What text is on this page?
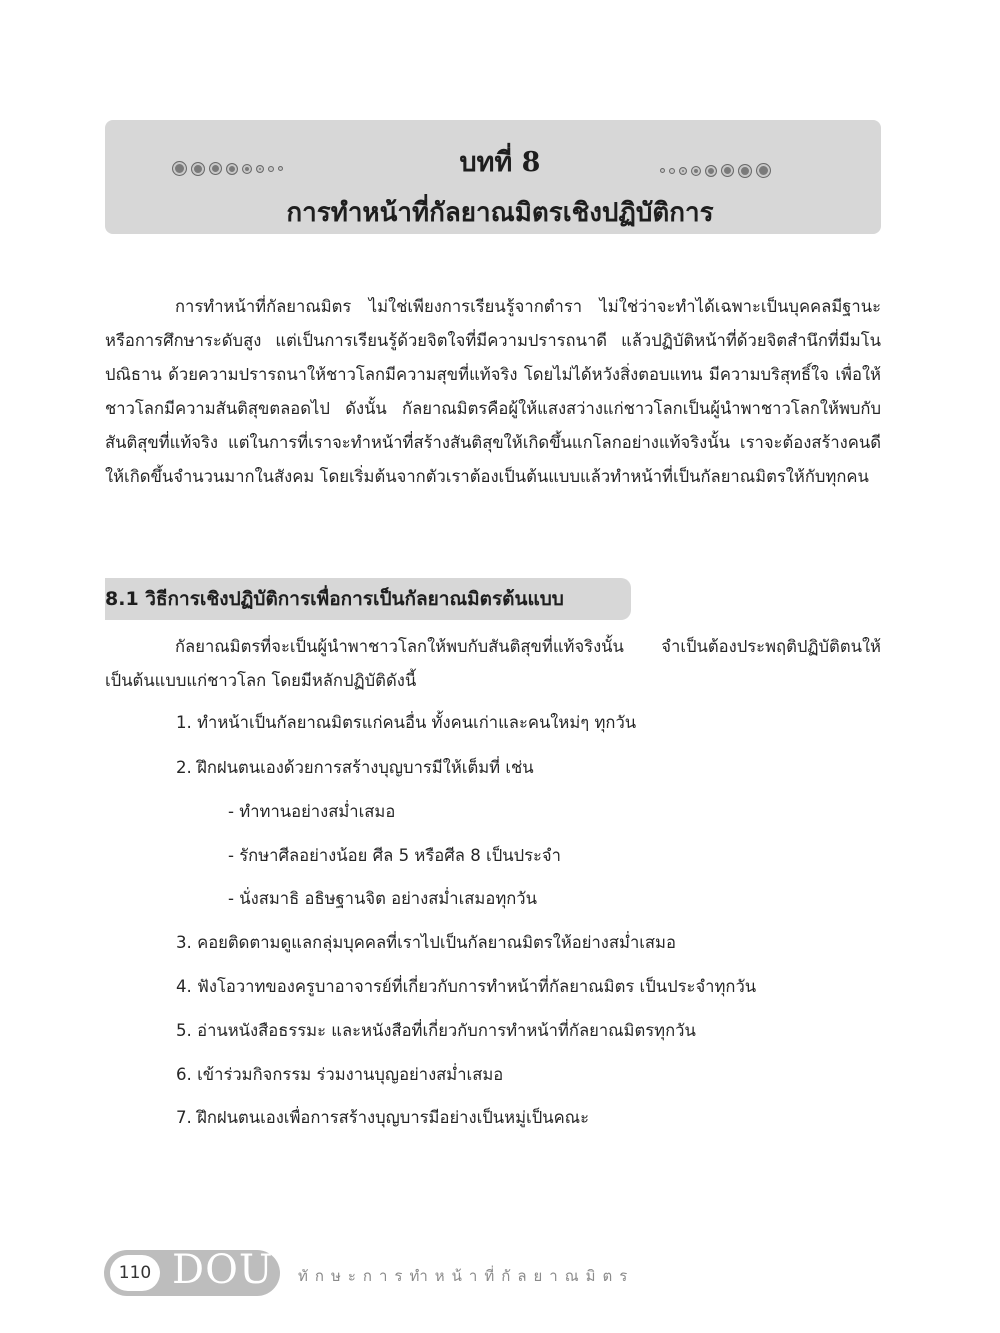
บทที่ 8
การทำหน้าที่กัลยาณมิตรเชิงปฏิบัติการ
การทำหน้าที่กัลยาณมิตร ไม่ใช่เพียงการเรียนรู้จากตำรา ไม่ใช่ว่าจะทำได้เฉพาะเป็นบุคคลมีฐานะหรือการศึกษาระดับสูง แต่เป็นการเรียนรู้ด้วยจิตใจที่มีความปรารถนาดี แล้วปฏิบัติหน้าที่ด้วยจิตสำนึกที่มีมโนปณิธาน ด้วยความปรารถนาให้ชาวโลกมีความสุขที่แท้จริง โดยไม่ได้หวังสิ่งตอบแทน มีความบริสุทธิ์ใจ เพื่อให้ชาวโลกมีความสันติสุขตลอดไป ดังนั้น กัลยาณมิตรคือผู้ให้แสงสว่างแก่ชาวโลกเป็นผู้นำพาชาวโลกให้พบกับสันติสุขที่แท้จริง แต่ในการที่เราจะทำหน้าที่สร้างสันติสุขให้เกิดขึ้นแกโลกอย่างแท้จริงนั้น เราจะต้องสร้างคนดีให้เกิดขึ้นจำนวนมากในสังคม โดยเริ่มต้นจากตัวเราต้องเป็นต้นแบบแล้วทำหน้าที่เป็นกัลยาณมิตรให้กับทุกคน
8.1 วิธีการเชิงปฏิบัติการเพื่อการเป็นกัลยาณมิตรต้นแบบ
กัลยาณมิตรที่จะเป็นผู้นำพาชาวโลกให้พบกับสันติสุขที่แท้จริงนั้น จำเป็นต้องประพฤติปฏิบัติตนให้เป็นต้นแบบแก่ชาวโลก โดยมีหลักปฏิบัติดังนี้
1. ทำหน้าเป็นกัลยาณมิตรแก่คนอื่น ทั้งคนเก่าและคนใหม่ๆ ทุกวัน
2. ฝึกฝนตนเองด้วยการสร้างบุญบารมีให้เต็มที่ เช่น
- ทำทานอย่างสม่ำเสมอ
- รักษาศีลอย่างน้อย ศีล 5 หรือศีล 8 เป็นประจำ
- นั่งสมาธิ อธิษฐานจิต อย่างสม่ำเสมอทุกวัน
3. คอยติดตามดูแลกลุ่มบุคคลที่เราไปเป็นกัลยาณมิตรให้อย่างสม่ำเสมอ
4. ฟังโอวาทของครูบาอาจารย์ที่เกี่ยวกับการทำหน้าที่กัลยาณมิตร เป็นประจำทุกวัน
5. อ่านหนังสือธรรมะ และหนังสือที่เกี่ยวกับการทำหน้าที่กัลยาณมิตรทุกวัน
6. เข้าร่วมกิจกรรม ร่วมงานบุญอย่างสม่ำเสมอ
7. ฝึกฝนตนเองเพื่อการสร้างบุญบารมีอย่างเป็นหมู่เป็นคณะ
110 DOU ทักษะการทำหน้าที่กัลยาณมิตร
